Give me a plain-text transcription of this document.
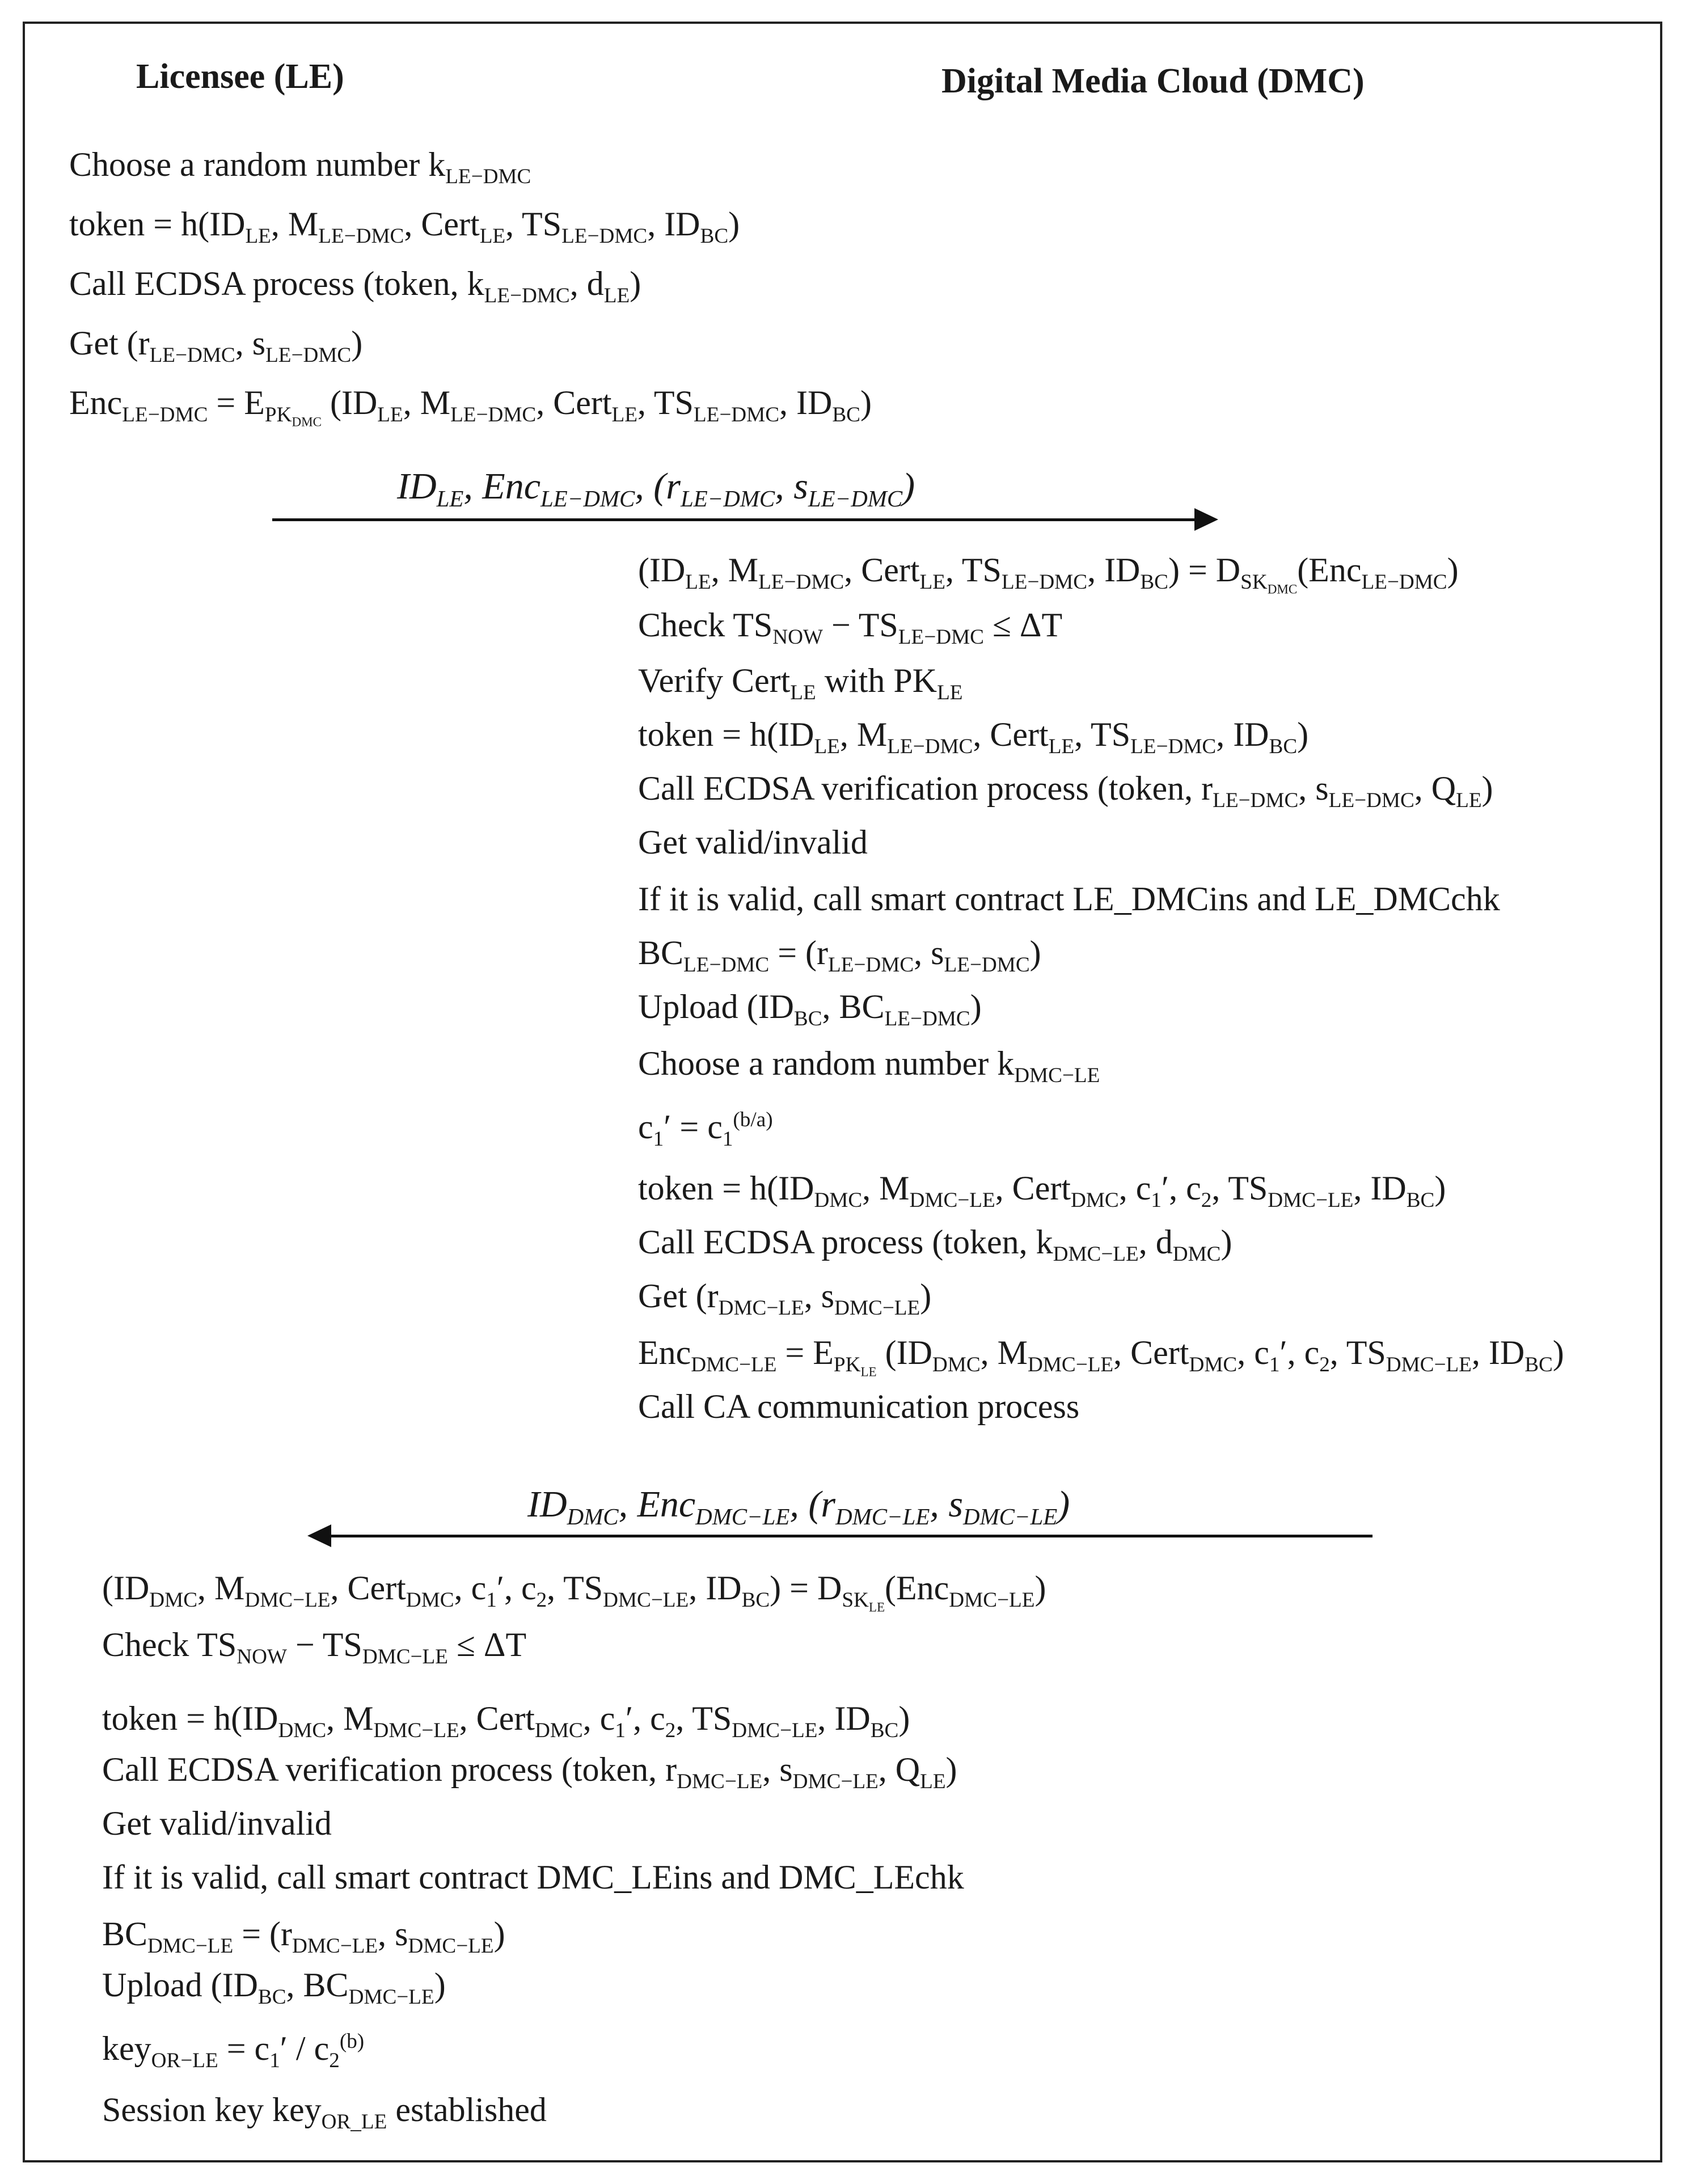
Licensee (LE)	Digital Media Cloud (DMC)
Choose a random number $k_{LE-DMC}$
token = $h(ID_{LE}$, $M_{LE-DMC}$, Cert$_{LE}$, $TS_{LE-DMC}$, $ID_{BC}$)
Call ECDSA process (token, $k_{LE-DMC}$, $d_{LE}$)
Get ($r_{LE-DMC}$, $s_{LE-DMC}$)
$Enc_{LE-DMC} = E_{PK_{DMC}}$ ($ID_{LE}$, $M_{LE-DMC}$, Cert$_{LE}$, $TS_{LE-DMC}$, $ID_{BC}$)
$ID_{LE}$, Enc$_{LE-DMC}$, ($r_{LE-DMC}$, $s_{LE-DMC}$)
($ID_{LE}$, $M_{LE-DMC}$, Cert$_{LE}$, $TS_{LE-DMC}$, $ID_{BC}) = D_{SK_{DMC}}(Enc_{LE-DMC})$
Check $TS_{NOW} - TS_{LE-DMC} \le \Delta T$
Verify Cert$_{LE}$ with $PK_{LE}$
token = $h(ID_{LE}$, $M_{LE-DMC}$, Cert$_{LE}$, $TS_{LE-DMC}$, $ID_{BC}$)
Call ECDSA verification process (token, $r_{LE-DMC}$, $s_{LE-DMC}$, $Q_{LE}$)
Get valid/invalid
If it is valid, call smart contract LE_DMCins and LE_DMCchk
$BC_{LE-DMC} = (r_{LE-DMC}$, $s_{LE-DMC}$)
Upload ($ID_{BC}$, $BC_{LE-DMC}$)
Choose a random number $k_{DMC-LE}$
$c_1' = c_1^{(b/a)}$
token = $h(ID_{DMC}$, $M_{DMC-LE}$, Cert$_{DMC}$, $c_1'$, $c_2$, $TS_{DMC-LE}$, $ID_{BC}$)
Call ECDSA process (token, $k_{DMC-LE}$, $d_{DMC}$)
Get ($r_{DMC-LE}$, $s_{DMC-LE}$)
$Enc_{DMC-LE} = E_{PK_{LE}}$ ($ID_{DMC}$, $M_{DMC-LE}$, Cert$_{DMC}$, $c_1'$, $c_2$, $TS_{DMC-LE}$, $ID_{BC}$)
Call CA communication process
$ID_{DMC}$, Enc$_{DMC-LE}$, ($r_{DMC-LE}$, $s_{DMC-LE}$)
($ID_{DMC}$, $M_{DMC-LE}$, Cert$_{DMC}$, $c_1'$, $c_2$, $TS_{DMC-LE}$, $ID_{BC}) = D_{SK_{LE}}(Enc_{DMC-LE})$
Check $TS_{NOW} - TS_{DMC-LE} \le \Delta T$
token = $h(ID_{DMC}$, $M_{DMC-LE}$, Cert$_{DMC}$, $c_1'$, $c_2$, $TS_{DMC-LE}$, $ID_{BC}$)
Call ECDSA verification process (token, $r_{DMC-LE}$, $s_{DMC-LE}$, $Q_{LE}$)
Get valid/invalid
If it is valid, call smart contract DMC_LEins and DMC_LEchk
$BC_{DMC-LE} = (r_{DMC-LE}$, $s_{DMC-LE}$)
Upload ($ID_{BC}$, $BC_{DMC-LE}$)
$key_{OR-LE} = c_1' / c_2^{(b)}$
Session key key$_{OR\_LE}$ established
